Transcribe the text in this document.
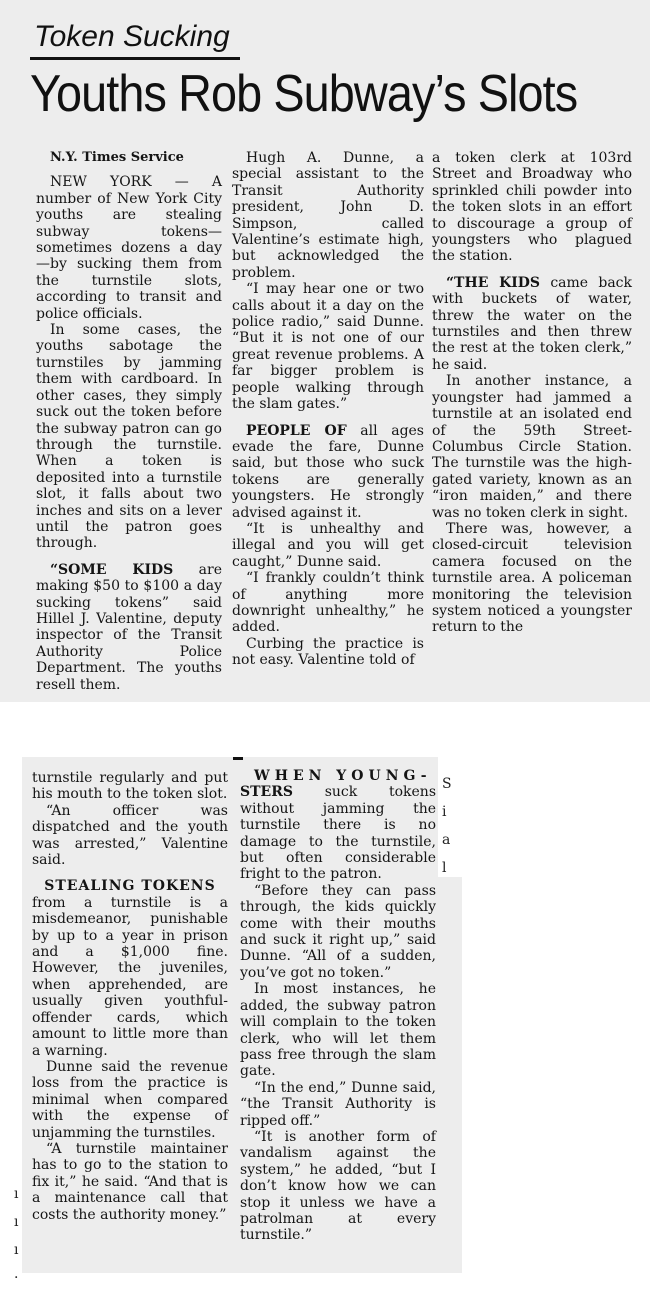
Token Sucking
Youths Rob Subway’s Slots

N.Y. Times Service

NEW YORK — A number of New York City youths are stealing subway tokens—sometimes dozens a day—by sucking them from the turnstile slots, according to transit and police officials.

In some cases, the youths sabotage the turnstiles by jamming them with cardboard. In other cases, they simply suck out the token before the subway patron can go through the turnstile. When a token is deposited into a turnstile slot, it falls about two inches and sits on a lever until the patron goes through.

“SOME KIDS are making $50 to $100 a day sucking tokens” said Hillel J. Valentine, deputy inspector of the Transit Authority Police Department. The youths resell them.

Hugh A. Dunne, a special assistant to the Transit Authority president, John D. Simpson, called Valentine’s estimate high, but acknowledged the problem.

“I may hear one or two calls about it a day on the police radio,” said Dunne. “But it is not one of our great revenue problems. A far bigger problem is people walking through the slam gates.”

PEOPLE OF all ages evade the fare, Dunne said, but those who suck tokens are generally youngsters. He strongly advised against it.

“It is unhealthy and illegal and you will get caught,” Dunne said.

“I frankly couldn’t think of anything more downright unhealthy,” he added.

Curbing the practice is not easy. Valentine told of

a token clerk at 103rd Street and Broadway who sprinkled chili powder into the token slots in an effort to discourage a group of youngsters who plagued the station.

“THE KIDS came back with buckets of water, threw the water on the turnstiles and then threw the rest at the token clerk,” he said.

In another instance, a youngster had jammed a turnstile at an isolated end of the 59th Street-Columbus Circle Station. The turnstile was the high-gated variety, known as an “iron maiden,” and there was no token clerk in sight.

There was, however, a closed-circuit television camera focused on the turnstile area. A policeman monitoring the television system noticed a youngster return to the

turnstile regularly and put his mouth to the token slot.

“An officer was dispatched and the youth was arrested,” Valentine said.

STEALING TOKENS
from a turnstile is a misdemeanor, punishable by up to a year in prison and a $1,000 fine. However, the juveniles, when apprehended, are usually given youthful-offender cards, which amount to little more than a warning.

Dunne said the revenue loss from the practice is minimal when compared with the expense of unjamming the turnstiles.

“A turnstile maintainer has to go to the station to fix it,” he said. “And that is a maintenance call that costs the authority money.”

WHEN YOUNG-
STERS suck tokens without jamming the turnstile there is no damage to the turnstile, but often considerable fright to the patron.

“Before they can pass through, the kids quickly come with their mouths and suck it right up,” said Dunne. “All of a sudden, you’ve got no token.”

In most instances, he added, the subway patron will complain to the token clerk, who will let them pass free through the slam gate.

“In the end,” Dunne said, “the Transit Authority is ripped off.”

“It is another form of vandalism against the system,” he added, “but I don’t know how we can stop it unless we have a patrolman at every turnstile.”

ı
ı
ı
·
S
i
a
l
